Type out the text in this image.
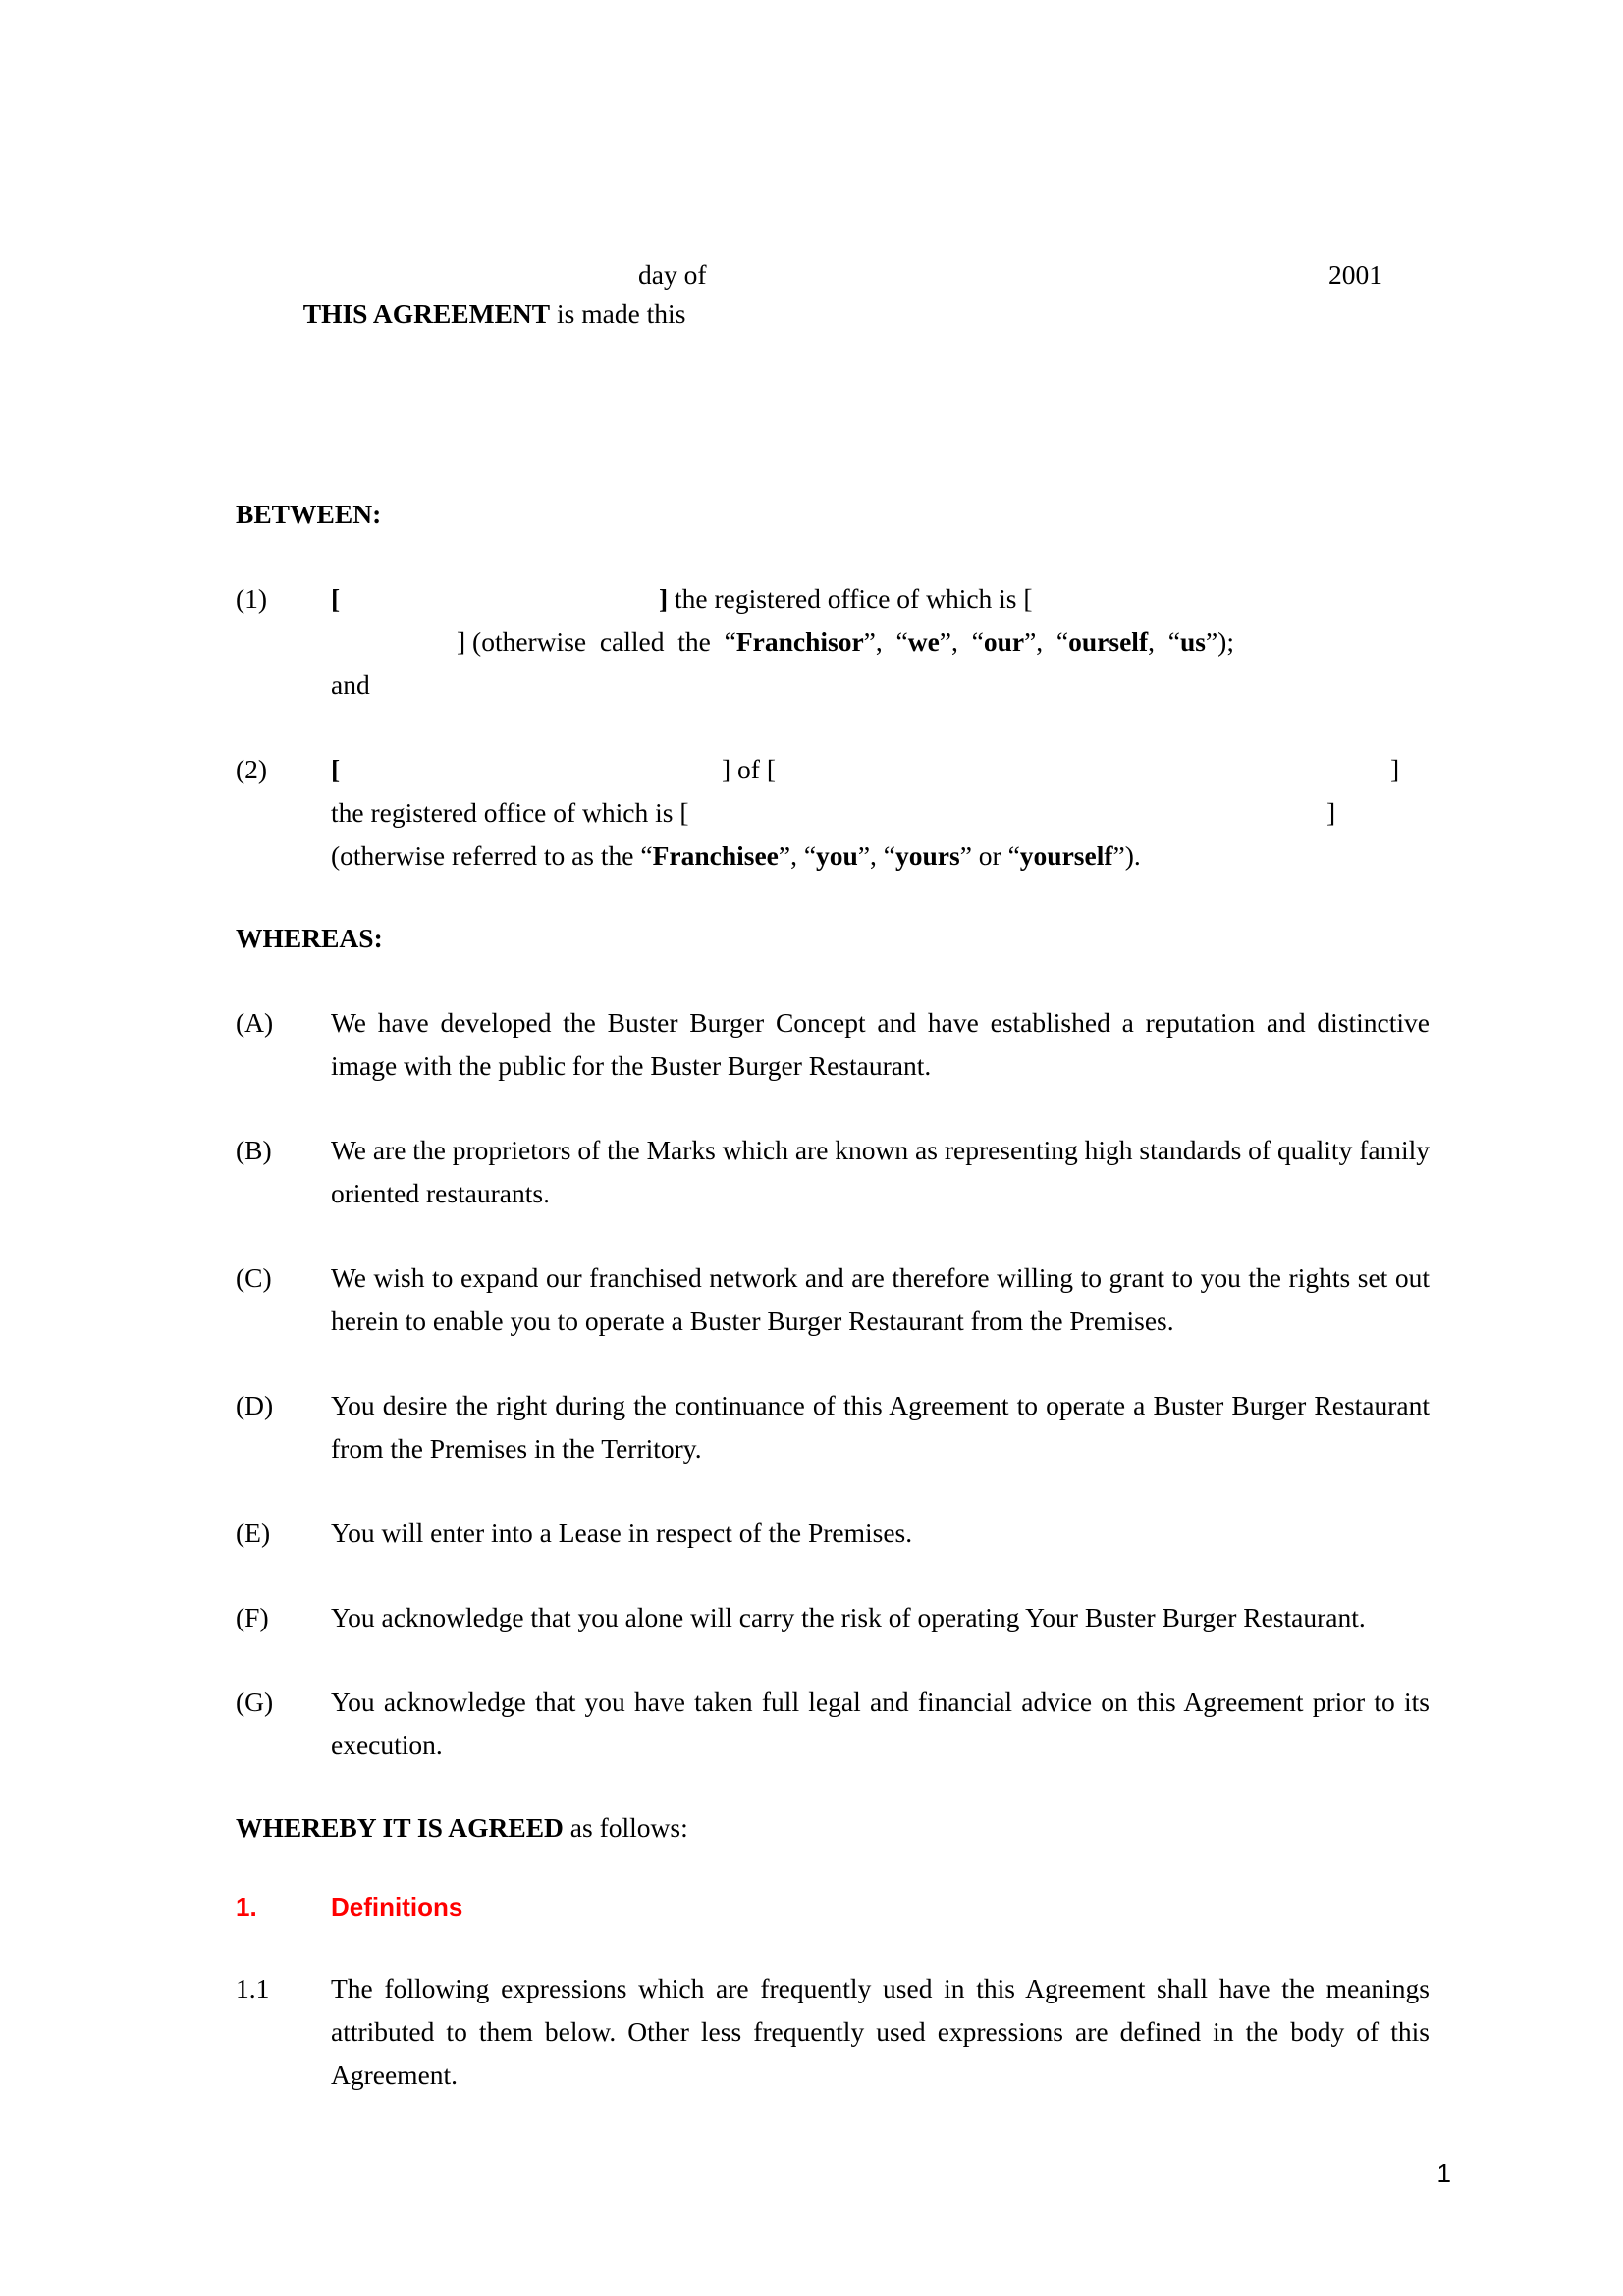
THIS AGREEMENT is made this

day of	2001

BETWEEN:
(1)	[	] the registered office of which is [
] (otherwise  called  the  “Franchisor”,  “we”,  “our”,  “ourself,  “us”);
and
(2)	[	] of [	]
the registered office of which is [	]
(otherwise referred to as the “Franchisee”, “you”, “yours” or “yourself”).
WHEREAS:
(A)	We have developed the Buster Burger Concept and have established a reputation and distinctive image with the public for the Buster Burger Restaurant.
(B)	We are the proprietors of the Marks which are known as representing high standards of quality family oriented restaurants.
(C)	We wish to expand our franchised network and are therefore willing to grant to you the rights set out herein to enable you to operate a Buster Burger Restaurant from the Premises.
(D)	You desire the right during the continuance of this Agreement to operate a Buster Burger Restaurant from the Premises in the Territory.
(E)	You will enter into a Lease in respect of the Premises.
(F)	You acknowledge that you alone will carry the risk of operating Your Buster Burger Restaurant.
(G)	You acknowledge that you have taken full legal and financial advice on this Agreement prior to its execution.
WHEREBY IT IS AGREED as follows:
1.	Definitions
1.1	The following expressions which are frequently used in this Agreement shall have the meanings attributed to them below. Other less frequently used expressions are defined in the body of this Agreement.
1
